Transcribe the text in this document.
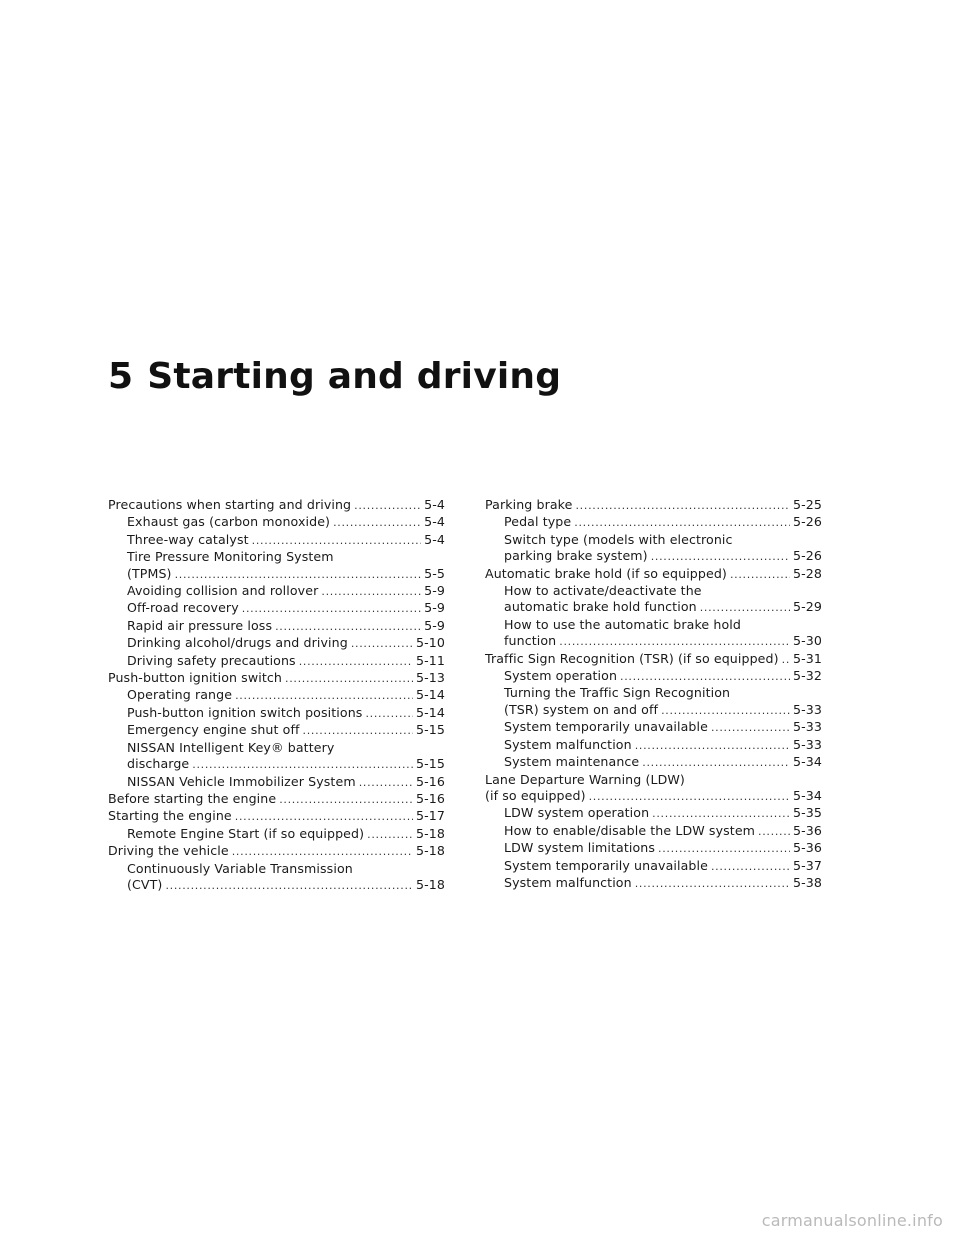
5 Starting and driving
Precautions when starting and driving . . .	5-4
Exhaust gas (carbon monoxide) . . .	5-4
Three-way catalyst . . .	5-4
Tire Pressure Monitoring System
(TPMS) . . .	5-5
Avoiding collision and rollover . . .	5-9
Off-road recovery . . .	5-9
Rapid air pressure loss . . .	5-9
Drinking alcohol/drugs and driving . . .	5-10
Driving safety precautions . . .	5-11
Push-button ignition switch . . .	5-13
Operating range . . .	5-14
Push-button ignition switch positions . . .	5-14
Emergency engine shut off . . .	5-15
NISSAN Intelligent Key® battery
discharge . . .	5-15
NISSAN Vehicle Immobilizer System . . .	5-16
Before starting the engine . . .	5-16
Starting the engine . . .	5-17
Remote Engine Start (if so equipped) . . .	5-18
Driving the vehicle . . .	5-18
Continuously Variable Transmission
(CVT) . . .	5-18
Parking brake . . .	5-25
Pedal type . . .	5-26
Switch type (models with electronic
parking brake system) . . .	5-26
Automatic brake hold (if so equipped) . . .	5-28
How to activate/deactivate the
automatic brake hold function . . .	5-29
How to use the automatic brake hold
function . . .	5-30
Traffic Sign Recognition (TSR) (if so equipped) . . . 5-31
System operation . . .	5-32
Turning the Traffic Sign Recognition
(TSR) system on and off . . .	5-33
System temporarily unavailable . . .	5-33
System malfunction . . .	5-33
System maintenance . . .	5-34
Lane Departure Warning (LDW)
(if so equipped) . . .	5-34
LDW system operation . . .	5-35
How to enable/disable the LDW system . . .	5-36
LDW system limitations . . .	5-36
System temporarily unavailable . . .	5-37
System malfunction . . .	5-38
carmanualsonline.info
